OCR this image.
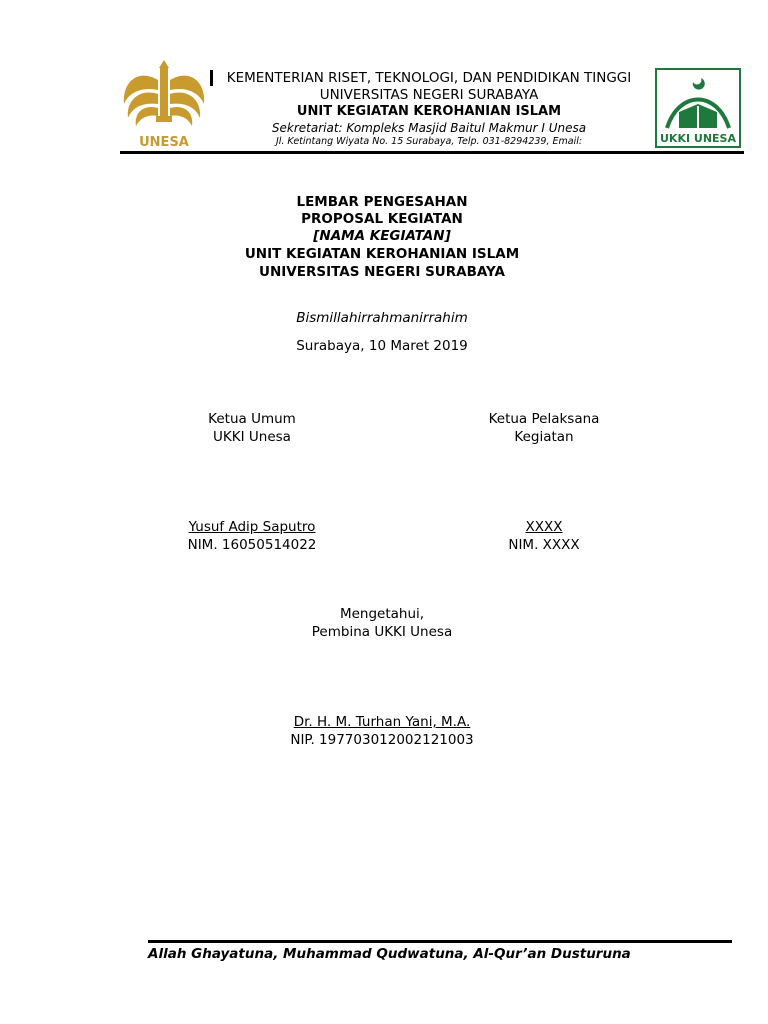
UNESA	UKKI UNESA
KEMENTERIAN RISET, TEKNOLOGI, DAN PENDIDIKAN TINGGI
UNIVERSITAS NEGERI SURABAYA
UNIT KEGIATAN KEROHANIAN ISLAM
Sekretariat: Kompleks Masjid Baitul Makmur I Unesa
Jl. Ketintang Wiyata No. 15 Surabaya, Telp. 031-8294239, Email:
LEMBAR PENGESAHAN
PROPOSAL KEGIATAN
[NAMA KEGIATAN]
UNIT KEGIATAN KEROHANIAN ISLAM
UNIVERSITAS NEGERI SURABAYA
Bismillahirrahmanirrahim
Surabaya, 10 Maret 2019
Ketua Umum
UKKI Unesa
Ketua Pelaksana
Kegiatan
Yusuf Adip Saputro
NIM. 16050514022
XXXX
NIM. XXXX
Mengetahui,
Pembina UKKI Unesa
Dr. H. M. Turhan Yani, M.A.
NIP. 197703012002121003
Allah Ghayatuna, Muhammad Qudwatuna, Al-Qur’an Dusturuna
